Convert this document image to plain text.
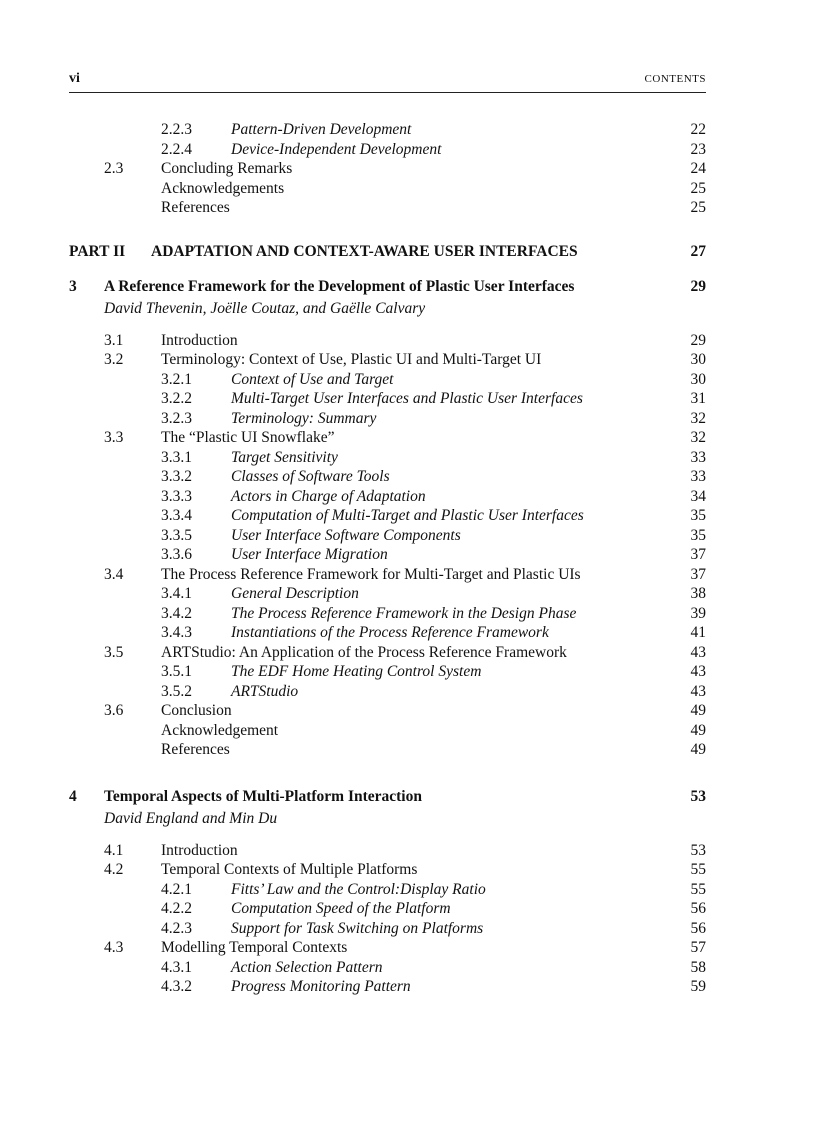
vi	CONTENTS
2.2.3	Pattern-Driven Development	22
2.2.4	Device-Independent Development	23
2.3 Concluding Remarks	24
Acknowledgements	25
References	25
PART II ADAPTATION AND CONTEXT-AWARE USER INTERFACES	27
3 A Reference Framework for the Development of Plastic User Interfaces	29
David Thevenin, Joëlle Coutaz, and Gaëlle Calvary
3.1 Introduction	29
3.2 Terminology: Context of Use, Plastic UI and Multi-Target UI	30
3.2.1	Context of Use and Target	30
3.2.2	Multi-Target User Interfaces and Plastic User Interfaces	31
3.2.3	Terminology: Summary	32
3.3 The “Plastic UI Snowflake”	32
3.3.1	Target Sensitivity	33
3.3.2	Classes of Software Tools	33
3.3.3	Actors in Charge of Adaptation	34
3.3.4	Computation of Multi-Target and Plastic User Interfaces	35
3.3.5	User Interface Software Components	35
3.3.6	User Interface Migration	37
3.4 The Process Reference Framework for Multi-Target and Plastic UIs	37
3.4.1	General Description	38
3.4.2	The Process Reference Framework in the Design Phase	39
3.4.3	Instantiations of the Process Reference Framework	41
3.5 ARTStudio: An Application of the Process Reference Framework	43
3.5.1	The EDF Home Heating Control System	43
3.5.2	ARTStudio	43
3.6 Conclusion	49
Acknowledgement	49
References	49
4 Temporal Aspects of Multi-Platform Interaction	53
David England and Min Du
4.1 Introduction	53
4.2 Temporal Contexts of Multiple Platforms	55
4.2.1	Fitts’ Law and the Control:Display Ratio	55
4.2.2	Computation Speed of the Platform	56
4.2.3	Support for Task Switching on Platforms	56
4.3 Modelling Temporal Contexts	57
4.3.1	Action Selection Pattern	58
4.3.2	Progress Monitoring Pattern	59
